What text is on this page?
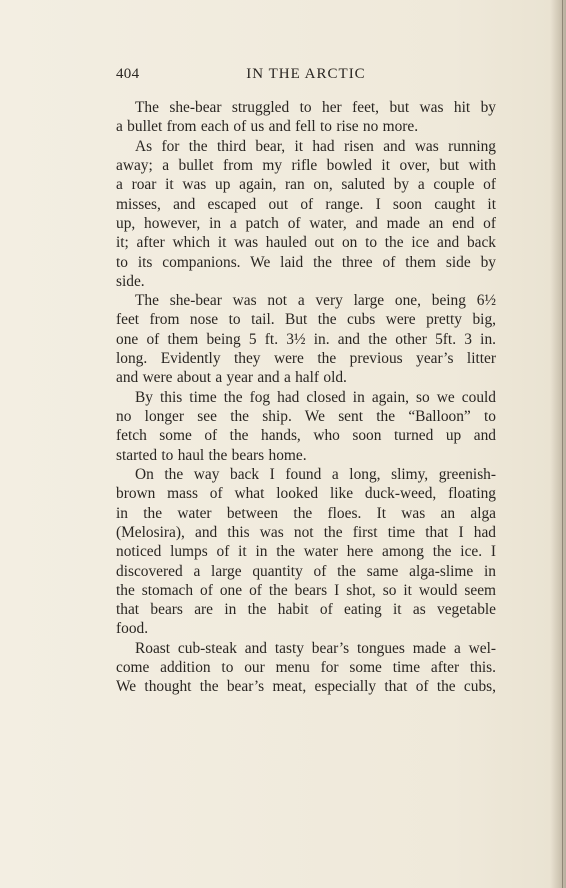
404	IN THE ARCTIC
The she-bear struggled to her feet, but was hit by
a bullet from each of us and fell to rise no more.
As for the third bear, it had risen and was running
away; a bullet from my rifle bowled it over, but with
a roar it was up again, ran on, saluted by a couple of
misses, and escaped out of range. I soon caught it
up, however, in a patch of water, and made an end of
it; after which it was hauled out on to the ice and back
to its companions. We laid the three of them side by
side.
The she-bear was not a very large one, being 6½
feet from nose to tail. But the cubs were pretty big,
one of them being 5 ft. 3½ in. and the other 5ft. 3 in.
long. Evidently they were the previous year’s litter
and were about a year and a half old.
By this time the fog had closed in again, so we could
no longer see the ship. We sent the “Balloon” to
fetch some of the hands, who soon turned up and
started to haul the bears home.
On the way back I found a long, slimy, greenish-
brown mass of what looked like duck-weed, floating
in the water between the floes. It was an alga
(Melosira), and this was not the first time that I had
noticed lumps of it in the water here among the ice. I
discovered a large quantity of the same alga-slime in
the stomach of one of the bears I shot, so it would seem
that bears are in the habit of eating it as vegetable
food.
Roast cub-steak and tasty bear’s tongues made a wel-
come addition to our menu for some time after this.
We thought the bear’s meat, especially that of the cubs,
